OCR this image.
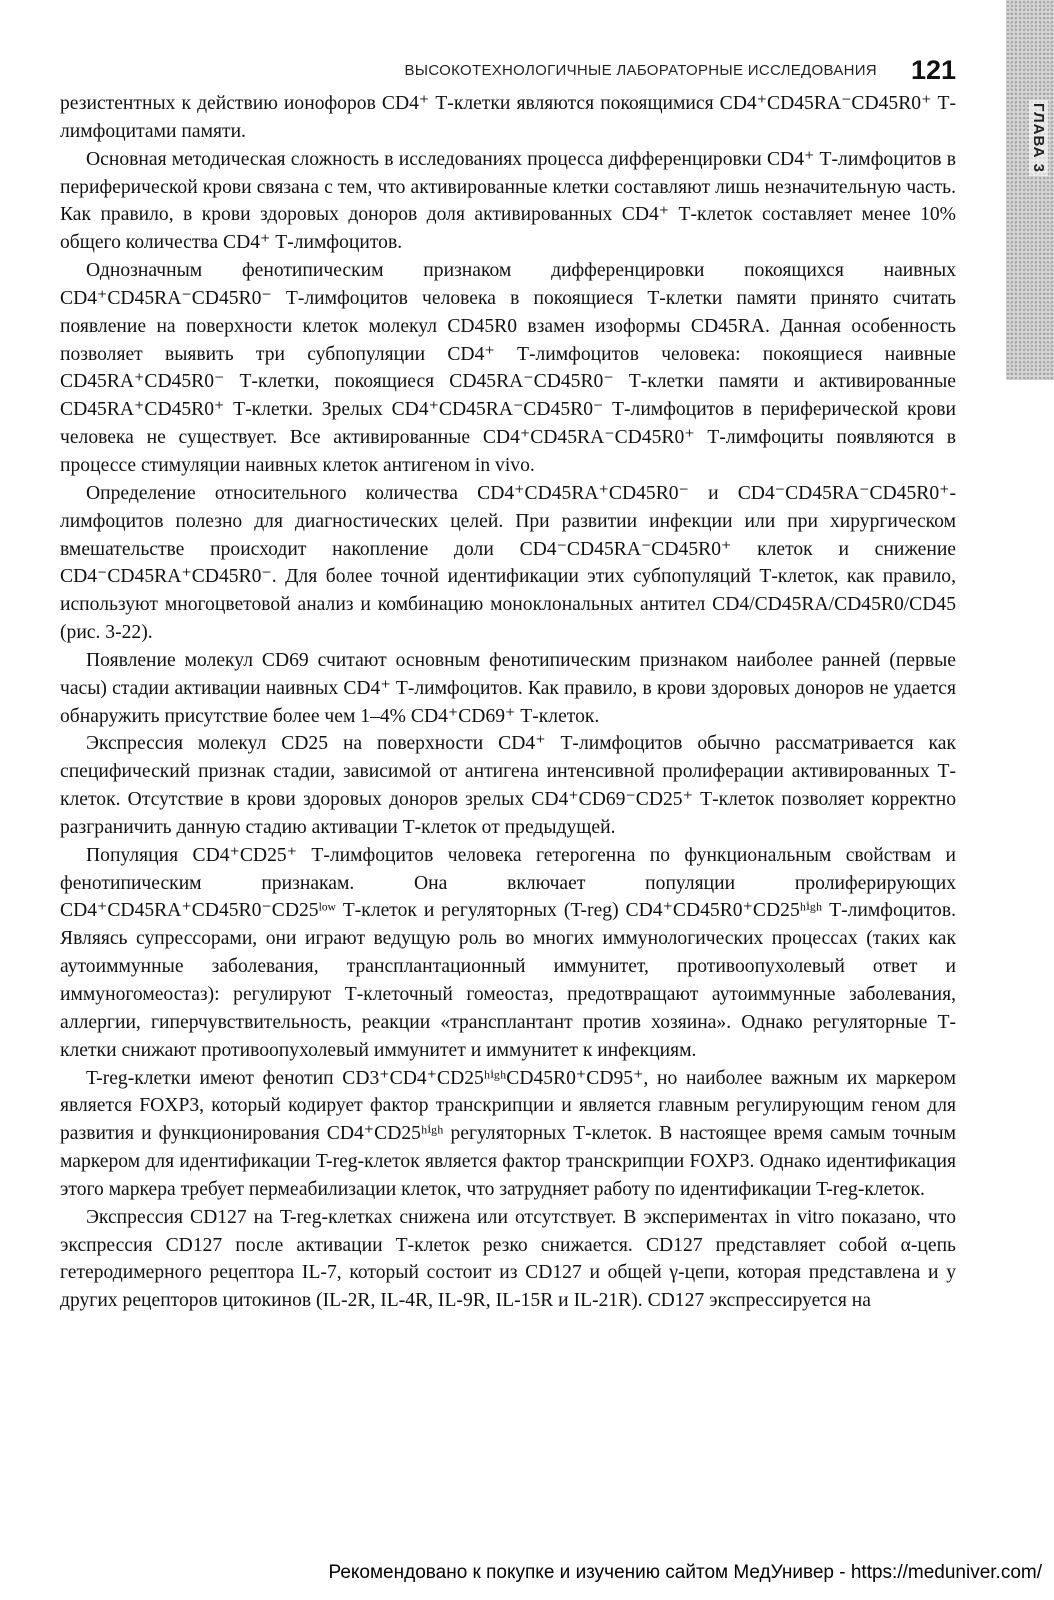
ГЛАВА 3
ВЫСОКОТЕХНОЛОГИЧНЫЕ ЛАБОРАТОРНЫЕ ИССЛЕДОВАНИЯ 121

резистентных к действию ионофоров CD4⁺ Т-клетки являются покоящимися CD4⁺CD45RA⁻CD45R0⁺ Т-лимфоцитами памяти.

Основная методическая сложность в исследованиях процесса дифференцировки CD4⁺ Т-лимфоцитов в периферической крови связана с тем, что активированные клетки составляют лишь незначительную часть. Как правило, в крови здоровых доноров доля активированных CD4⁺ Т-клеток составляет менее 10% общего количества CD4⁺ Т-лимфоцитов.

Однозначным фенотипическим признаком дифференцировки покоящихся наивных CD4⁺CD45RA⁻CD45R0⁻ Т-лимфоцитов человека в покоящиеся Т-клетки памяти принято считать появление на поверхности клеток молекул CD45R0 взамен изоформы CD45RA. Данная особенность позволяет выявить три субпопуляции CD4⁺ Т-лимфоцитов человека: покоящиеся наивные CD45RA⁺CD45R0⁻ Т-клетки, покоящиеся CD45RA⁻CD45R0⁻ Т-клетки памяти и активированные CD45RA⁺CD45R0⁺ Т-клетки. Зрелых CD4⁺CD45RA⁻CD45R0⁻ Т-лимфоцитов в периферической крови человека не существует. Все активированные CD4⁺CD45RA⁻CD45R0⁺ Т-лимфоциты появляются в процессе стимуляции наивных клеток антигеном in vivo.

Определение относительного количества CD4⁺CD45RA⁺CD45R0⁻ и CD4⁻CD45RA⁻CD45R0⁺-лимфоцитов полезно для диагностических целей. При развитии инфекции или при хирургическом вмешательстве происходит накопление доли CD4⁻CD45RA⁻CD45R0⁺ клеток и снижение CD4⁻CD45RA⁺CD45R0⁻. Для более точной идентификации этих субпопуляций Т-клеток, как правило, используют многоцветовой анализ и комбинацию моноклональных антител CD4/CD45RA/CD45R0/CD45 (рис. 3-22).

Появление молекул CD69 считают основным фенотипическим признаком наиболее ранней (первые часы) стадии активации наивных CD4⁺ Т-лимфоцитов. Как правило, в крови здоровых доноров не удается обнаружить присутствие более чем 1–4% CD4⁺CD69⁺ Т-клеток.

Экспрессия молекул CD25 на поверхности CD4⁺ Т-лимфоцитов обычно рассматривается как специфический признак стадии, зависимой от антигена интенсивной пролиферации активированных Т-клеток. Отсутствие в крови здоровых доноров зрелых CD4⁺CD69⁻CD25⁺ Т-клеток позволяет корректно разграничить данную стадию активации Т-клеток от предыдущей.

Популяция CD4⁺CD25⁺ Т-лимфоцитов человека гетерогенна по функциональным свойствам и фенотипическим признакам. Она включает популяции пролиферирующих CD4⁺CD45RA⁺CD45R0⁻CD25ˡᵒʷ Т-клеток и регуляторных (T-reg) CD4⁺CD45R0⁺CD25ʰⁱᵍʰ Т-лимфоцитов. Являясь супрессорами, они играют ведущую роль во многих иммунологических процессах (таких как аутоиммунные заболевания, трансплантационный иммунитет, противоопухолевый ответ и иммуногомеостаз): регулируют Т-клеточный гомеостаз, предотвращают аутоиммунные заболевания, аллергии, гиперчувствительность, реакции «трансплантант против хозяина». Однако регуляторные Т-клетки снижают противоопухолевый иммунитет и иммунитет к инфекциям.

T-reg-клетки имеют фенотип CD3⁺CD4⁺CD25ʰⁱᵍʰCD45R0⁺CD95⁺, но наиболее важным их маркером является FOXP3, который кодирует фактор транскрипции и является главным регулирующим геном для развития и функционирования CD4⁺CD25ʰⁱᵍʰ регуляторных Т-клеток. В настоящее время самым точным маркером для идентификации T-reg-клеток является фактор транскрипции FOXP3. Однако идентификация этого маркера требует пермеабилизации клеток, что затрудняет работу по идентификации T-reg-клеток.

Экспрессия CD127 на T-reg-клетках снижена или отсутствует. В экспериментах in vitro показано, что экспрессия CD127 после активации Т-клеток резко снижается. CD127 представляет собой α-цепь гетеродимерного рецептора IL-7, который состоит из CD127 и общей γ-цепи, которая представлена и у других рецепторов цитокинов (IL-2R, IL-4R, IL-9R, IL-15R и IL-21R). CD127 экспрессируется на

Рекомендовано к покупке и изучению сайтом МедУнивер - https://meduniver.com/
